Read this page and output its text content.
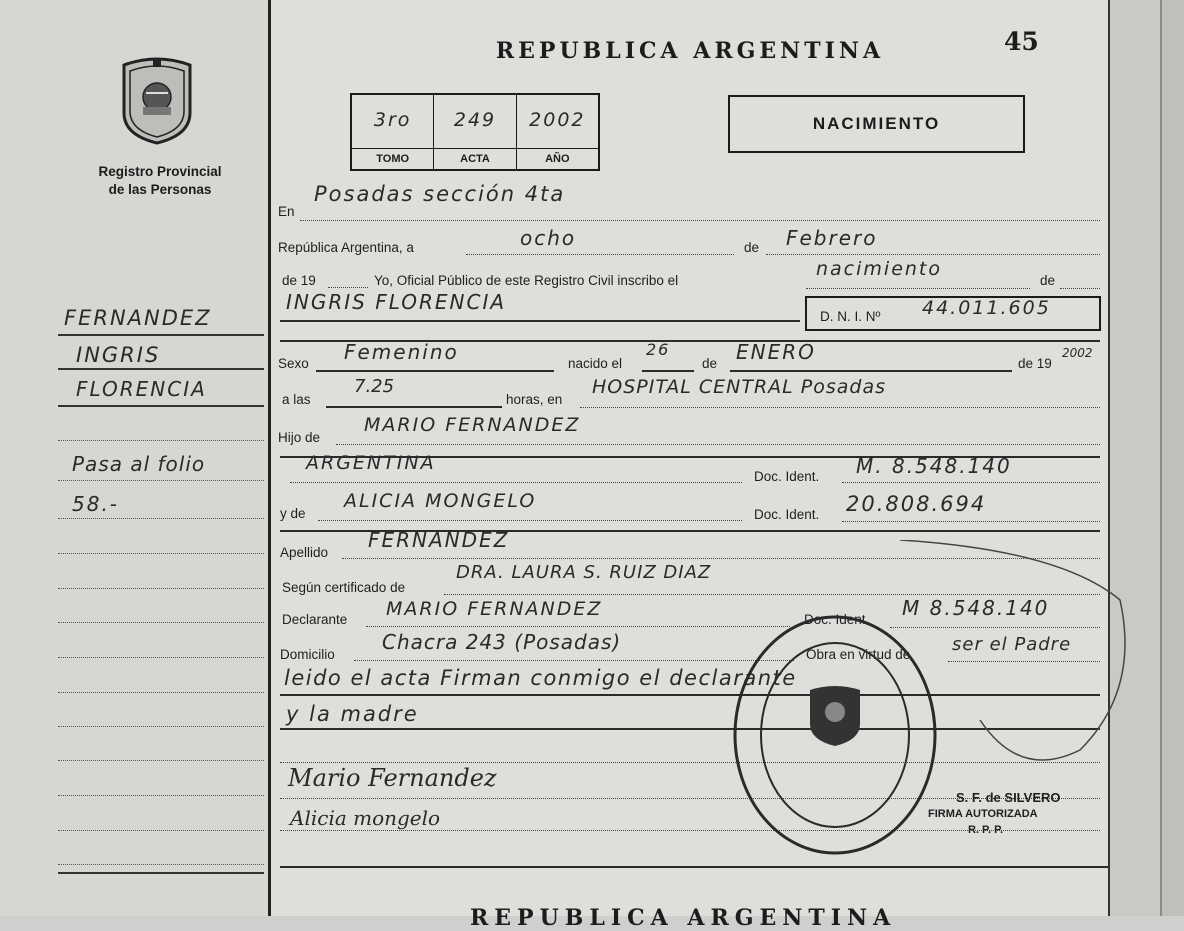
Registro Provincial
de las Personas
FERNANDEZ
INGRIS
FLORENCIA
Pasa al folio
58.-
REPUBLICA ARGENTINA	45
3ro
TOMO
249
ACTA
2002
AÑO
NACIMIENTO
En
Posadas sección 4ta
República Argentina, a	ocho	de Febrero
de 19	Yo, Oficial Público de este Registro Civil inscribo el
nacimiento
de
INGRIS FLORENCIA
D. N. I. Nº 44.011.605
Sexo Femenino	nacido el
26
de ENERO	de 19
2002
a las
7.25
horas, en
HOSPITAL CENTRAL Posadas
Hijo de
MARIO FERNANDEZ
ARGENTINA
Doc. Ident. M. 8.548.140
y de
ALICIA MONGELO
Doc. Ident. 20.808.694
Apellido
FERNANDEZ
Según certificado de
DRA. LAURA S. RUIZ DIAZ
Declarante MARIO FERNANDEZ	Doc. Ident. M 8.548.140
Domicilio
Chacra 243 (Posadas)
Obra en virtud de ser el Padre
leido el acta Firman conmigo el declarante
y la madre
Mario Fernandez
Alicia mongelo
S. F. de SILVERO
FIRMA AUTORIZADA
R. P. P.
REPUBLICA ARGENTINA
